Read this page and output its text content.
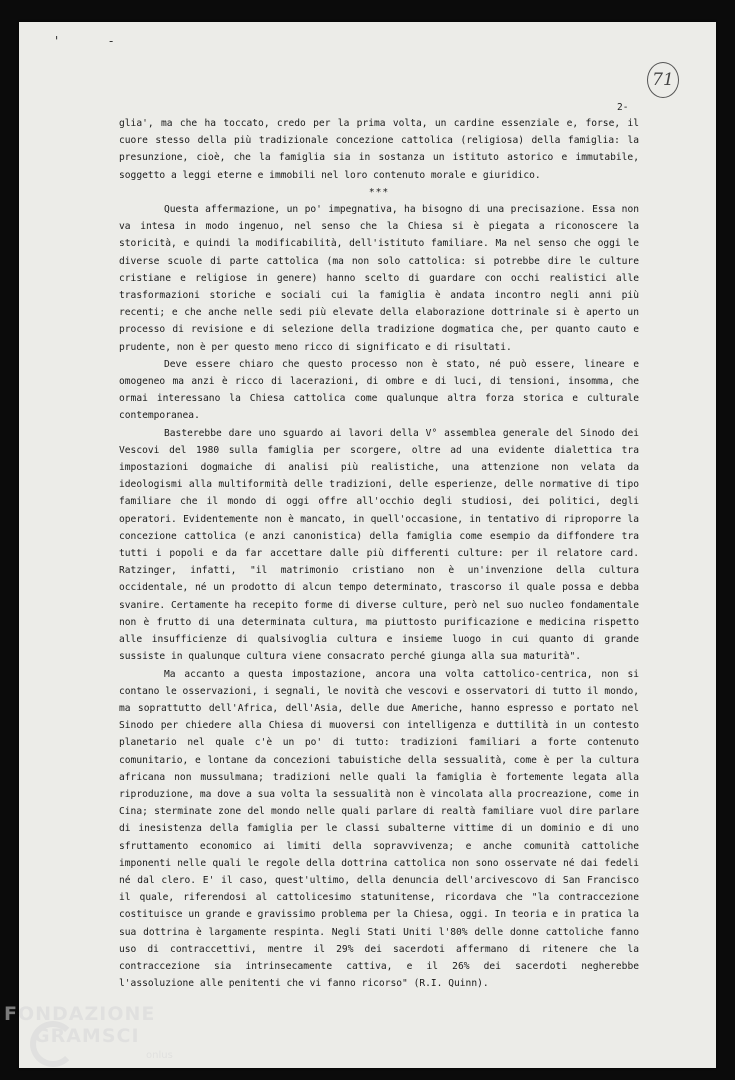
' -
71
2-

glia', ma che ha toccato, credo per la prima volta, un cardine essenziale e, forse, il cuore stesso della più tradizionale concezione cattolica (religiosa) della famiglia: la presunzione, cioè, che la famiglia sia in sostanza un istituto astorico e immutabile, soggetto a leggi eterne e immobili nel loro contenuto morale e giuridico.

***

Questa affermazione, un po' impegnativa, ha bisogno di una precisazione. Essa non va intesa in modo ingenuo, nel senso che la Chiesa si è piegata a riconoscere la storicità, e quindi la modificabilità, dell'istituto familiare. Ma nel senso che oggi le diverse scuole di parte cattolica (ma non solo cattolica: si potrebbe dire le culture cristiane e religiose in genere) hanno scelto di guardare con occhi realistici alle trasformazioni storiche e sociali cui la famiglia è andata incontro negli anni più recenti; e che anche nelle sedi più elevate della elaborazione dottrinale si è aperto un processo di revisione e di selezione della tradizione dogmatica che, per quanto cauto e prudente, non è per questo meno ricco di significato e di risultati.

Deve essere chiaro che questo processo non è stato, né può essere, lineare e omogeneo ma anzi è ricco di lacerazioni, di ombre e di luci, di tensioni, insomma, che ormai interessano la Chiesa cattolica come qualunque altra forza storica e culturale contemporanea.

Basterebbe dare uno sguardo ai lavori della V° assemblea generale del Sinodo dei Vescovi del 1980 sulla famiglia per scorgere, oltre ad una evidente dialettica tra impostazioni dogmaiche di analisi più realistiche, una attenzione non velata da ideologismi alla multiformità delle tradizioni, delle esperienze, delle normative di tipo familiare che il mondo di oggi offre all'occhio degli studiosi, dei politici, degli operatori. Evidentemente non è mancato, in quell'occasione, in tentativo di riproporre la concezione cattolica (e anzi canonistica) della famiglia come esempio da diffondere tra tutti i popoli e da far accettare dalle più differenti culture: per il relatore card. Ratzinger, infatti, "il matrimonio cristiano non è un'invenzione della cultura occidentale, né un prodotto di alcun tempo determinato, trascorso il quale possa e debba svanire. Certamente ha recepito forme di diverse culture, però nel suo nucleo fondamentale non è frutto di una determinata cultura, ma piuttosto purificazione e medicina rispetto alle insufficienze di qualsivoglia cultura e insieme luogo in cui quanto di grande sussiste in qualunque cultura viene consacrato perché giunga alla sua maturità".

Ma accanto a questa impostazione, ancora una volta cattolico-centrica, non si contano le osservazioni, i segnali, le novità che vescovi e osservatori di tutto il mondo, ma soprattutto dell'Africa, dell'Asia, delle due Americhe, hanno espresso e portato nel Sinodo per chiedere alla Chiesa di muoversi con intelligenza e duttilità in un contesto planetario nel quale c'è un po' di tutto: tradizioni familiari a forte contenuto comunitario, e lontane da concezioni tabuistiche della sessualità, come è per la cultura africana non mussulmana; tradizioni nelle quali la famiglia è fortemente legata alla riproduzione, ma dove a sua volta la sessualità non è vincolata alla procreazione, come in Cina; sterminate zone del mondo nelle quali parlare di realtà familiare vuol dire parlare di inesistenza della famiglia per le classi subalterne vittime di un dominio e di uno sfruttamento economico ai limiti della sopravvivenza; e anche comunità cattoliche imponenti nelle quali le regole della dottrina cattolica non sono osservate né dai fedeli né dal clero. E' il caso, quest'ultimo, della denuncia dell'arcivescovo di San Francisco il quale, riferendosi al cattolicesimo statunitense, ricordava che "la contraccezione costituisce un grande e gravissimo problema per la Chiesa, oggi. In teoria e in pratica la sua dottrina è largamente respinta. Negli Stati Uniti l'80% delle donne cattoliche fanno uso di contraccettivi, mentre il 29% dei sacerdoti affermano di ritenere che la contraccezione sia intrinsecamente cattiva, e il 26% dei sacerdoti negherebbe l'assoluzione alle penitenti che vi fanno ricorso" (R.I. Quinn).

FONDAZIONE
GRAMSCI
onlus
